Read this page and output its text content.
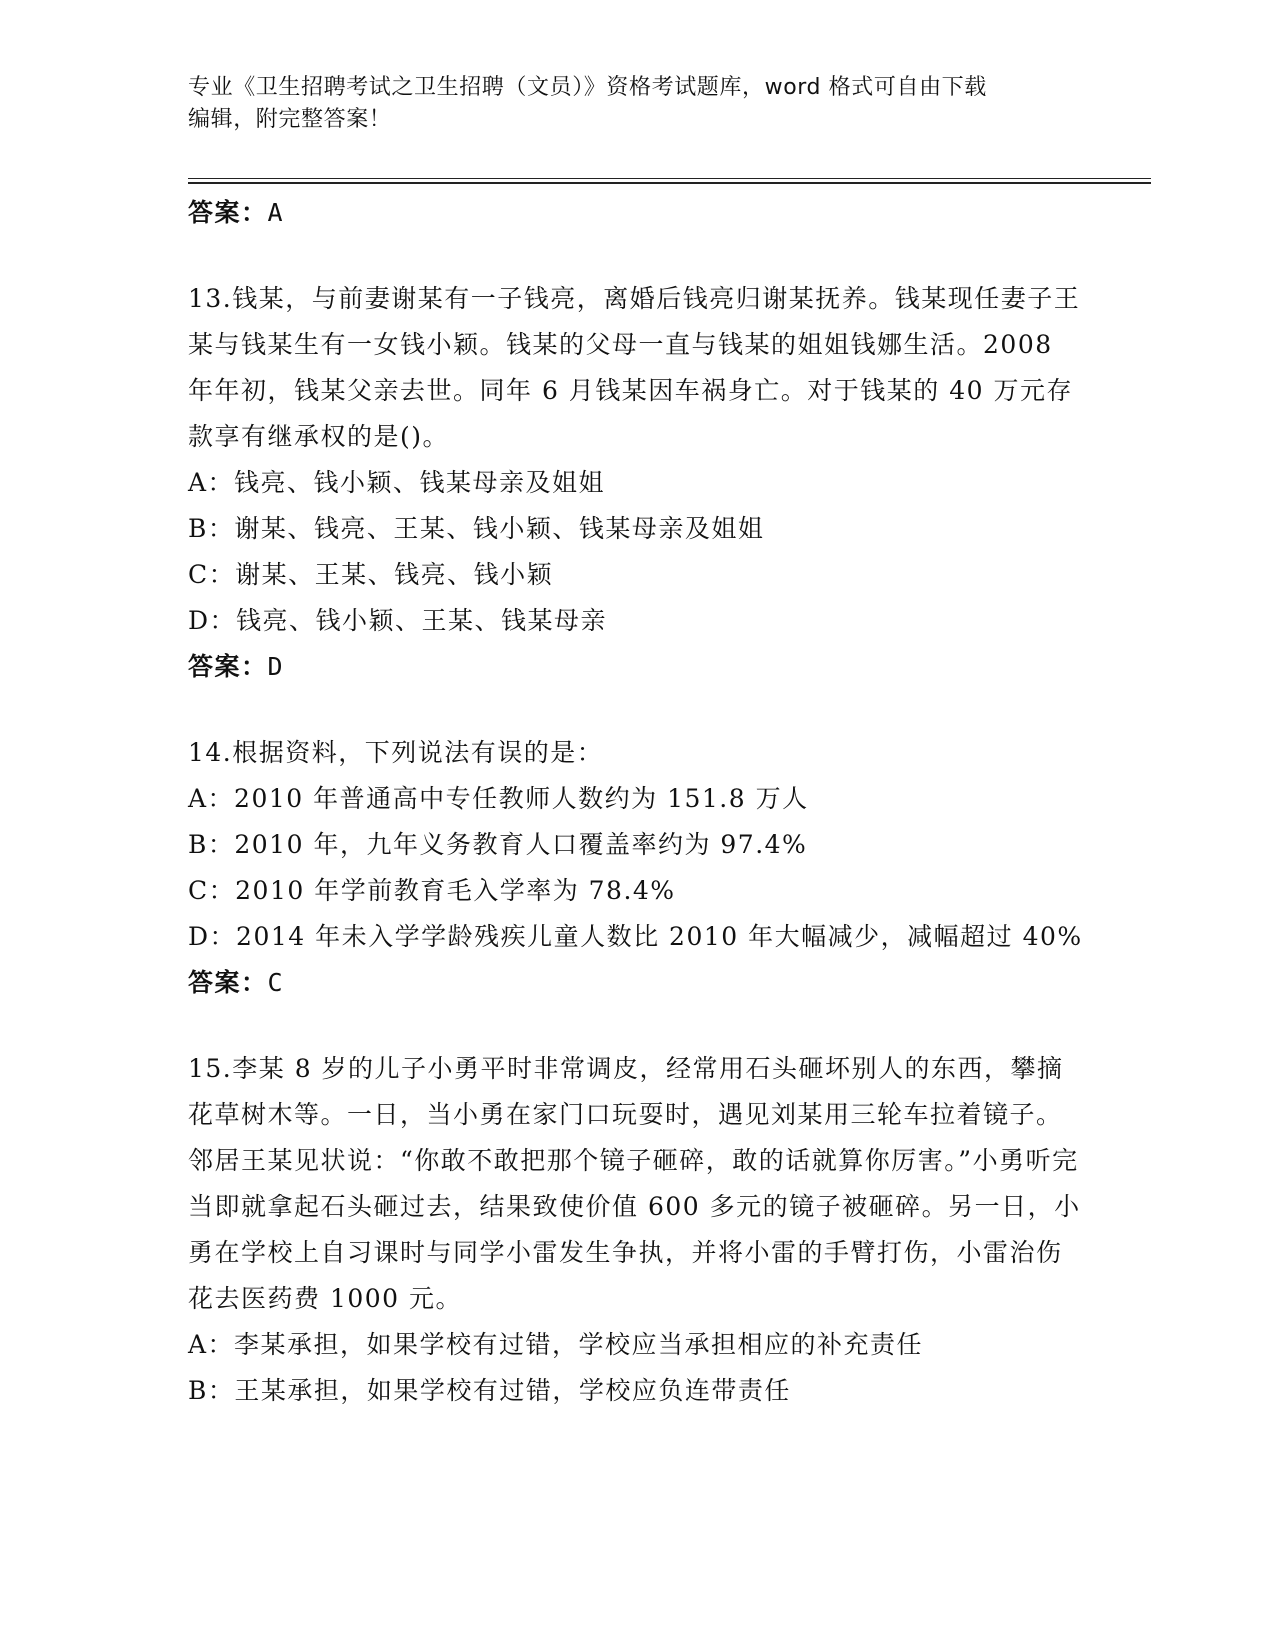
专业《卫生招聘考试之卫生招聘（文员）》资格考试题库，word 格式可自由下载
编辑，附完整答案！
答案：A
13.钱某，与前妻谢某有一子钱亮，离婚后钱亮归谢某抚养。钱某现任妻子王某与钱某生有一女钱小颖。钱某的父母一直与钱某的姐姐钱娜生活。2008 年年初，钱某父亲去世。同年 6 月钱某因车祸身亡。对于钱某的 40 万元存款享有继承权的是()。
A：钱亮、钱小颖、钱某母亲及姐姐
B：谢某、钱亮、王某、钱小颖、钱某母亲及姐姐
C：谢某、王某、钱亮、钱小颖
D：钱亮、钱小颖、王某、钱某母亲
答案：D
14.根据资料，下列说法有误的是：
A：2010 年普通高中专任教师人数约为 151.8 万人
B：2010 年，九年义务教育人口覆盖率约为 97.4%
C：2010 年学前教育毛入学率为 78.4%
D：2014 年未入学学龄残疾儿童人数比 2010 年大幅减少，减幅超过 40%
答案：C
15.李某 8 岁的儿子小勇平时非常调皮，经常用石头砸坏别人的东西，攀摘花草树木等。一日，当小勇在家门口玩耍时，遇见刘某用三轮车拉着镜子。邻居王某见状说：“你敢不敢把那个镜子砸碎，敢的话就算你厉害。”小勇听完当即就拿起石头砸过去，结果致使价值 600 多元的镜子被砸碎。另一日，小勇在学校上自习课时与同学小雷发生争执，并将小雷的手臂打伤，小雷治伤花去医药费 1000 元。
A：李某承担，如果学校有过错，学校应当承担相应的补充责任
B：王某承担，如果学校有过错，学校应负连带责任
